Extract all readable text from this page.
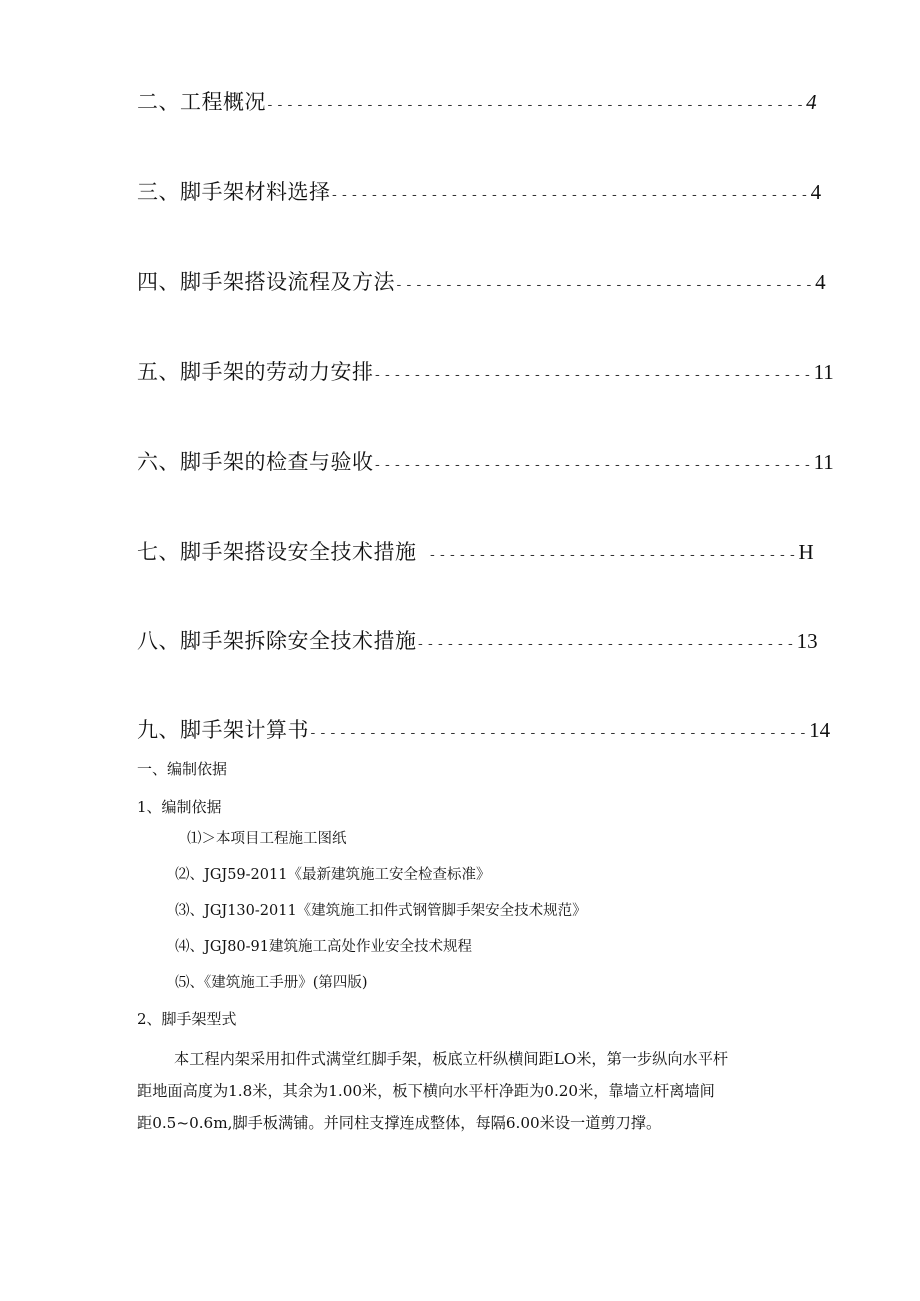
二、工程概况 ------------------------------------------------------ 4
三、脚手架材料选择 ------------------------------------------------ 4
四、脚手架搭设流程及方法 ------------------------------------------ 4
五、脚手架的劳动力安排 -------------------------------------------- 11
六、脚手架的检查与验收 -------------------------------------------- 11
七、脚手架搭设安全技术措施 ------------------------------------- H
八、脚手架拆除安全技术措施 -------------------------------------- 13
九、脚手架计算书 -------------------------------------------------- 14
一、编制依据
1、编制依据
⑴＞本项目工程施工图纸
⑵、JGJ59-2011《最新建筑施工安全检查标准》
⑶、JGJ130-2011《建筑施工扣件式钢管脚手架安全技术规范》
⑷、JGJ80-91建筑施工高处作业安全技术规程
⑸、《建筑施工手册》(第四版)
2、脚手架型式
本工程内架采用扣件式满堂红脚手架，板底立杆纵横间距LO米，第一步纵向水平杆
距地面高度为1.8米，其余为1.00米，板下横向水平杆净距为0.20米，靠墙立杆离墙间
距0.5~0.6m,脚手板满铺。并同柱支撑连成整体，每隔6.00米设一道剪刀撑。
